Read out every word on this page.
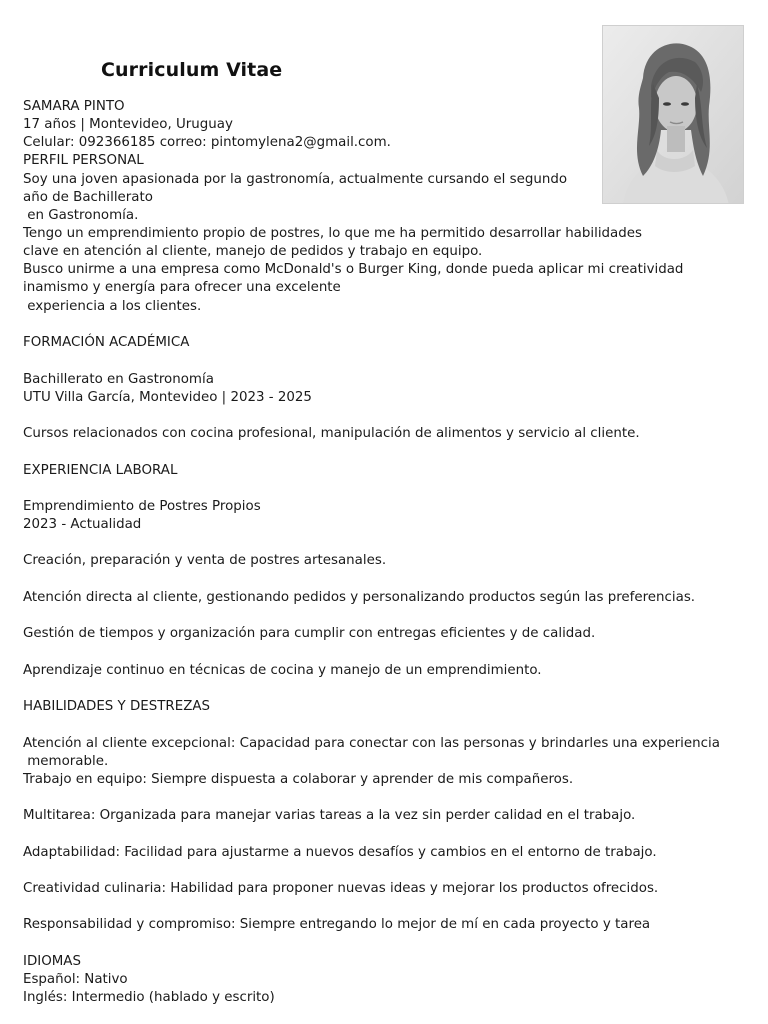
Curriculum Vitae
SAMARA PINTO
17 años | Montevideo, Uruguay
Celular: 092366185 correo: pintomylena2@gmail.com.
PERFIL PERSONAL
Soy una joven apasionada por la gastronomía, actualmente cursando el segundo
año de Bachillerato
en Gastronomía.
Tengo un emprendimiento propio de postres, lo que me ha permitido desarrollar habilidades
clave en atención al cliente, manejo de pedidos y trabajo en equipo.
Busco unirme a una empresa como McDonald's o Burger King, donde pueda aplicar mi creatividad
inamismo y energía para ofrecer una excelente
experiencia a los clientes.
FORMACIÓN ACADÉMICA
Bachillerato en Gastronomía
UTU Villa García, Montevideo | 2023 - 2025
Cursos relacionados con cocina profesional, manipulación de alimentos y servicio al cliente.
EXPERIENCIA LABORAL
Emprendimiento de Postres Propios
2023 - Actualidad
Creación, preparación y venta de postres artesanales.
Atención directa al cliente, gestionando pedidos y personalizando productos según las preferencias.
Gestión de tiempos y organización para cumplir con entregas eficientes y de calidad.
Aprendizaje continuo en técnicas de cocina y manejo de un emprendimiento.
HABILIDADES Y DESTREZAS
Atención al cliente excepcional: Capacidad para conectar con las personas y brindarles una experiencia
memorable.
Trabajo en equipo: Siempre dispuesta a colaborar y aprender de mis compañeros.
Multitarea: Organizada para manejar varias tareas a la vez sin perder calidad en el trabajo.
Adaptabilidad: Facilidad para ajustarme a nuevos desafíos y cambios en el entorno de trabajo.
Creatividad culinaria: Habilidad para proponer nuevas ideas y mejorar los productos ofrecidos.
Responsabilidad y compromiso: Siempre entregando lo mejor de mí en cada proyecto y tarea
IDIOMAS
Español: Nativo
Inglés: Intermedio (hablado y escrito)
